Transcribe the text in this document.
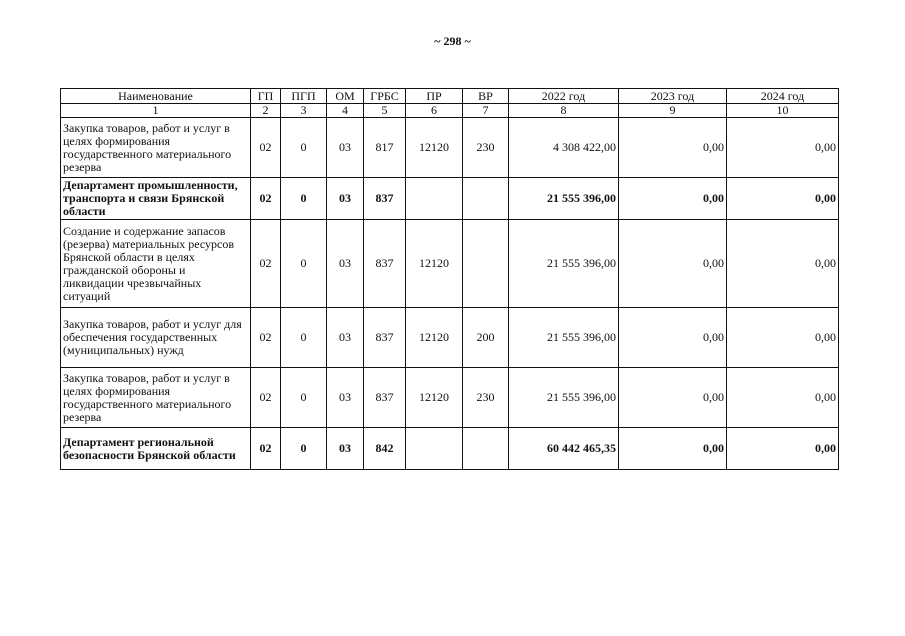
~ 298 ~
Наименование	ГП	ПГП	ОМ	ГРБС	ПР	ВР	2022 год	2023 год	2024 год
1	2	3	4	5	6	7	8	9	10
Закупка товаров, работ и услуг в целях формирования государственного материального резерва	02	0	03	817	12120	230	4 308 422,00	0,00	0,00
Департамент промышленности, транспорта и связи Брянской области	02	0	03	837			21 555 396,00	0,00	0,00
Создание и содержание запасов (резерва) материальных ресурсов Брянской области в целях гражданской обороны и ликвидации чрезвычайных ситуаций	02	0	03	837	12120		21 555 396,00	0,00	0,00
Закупка товаров, работ и услуг для обеспечения государственных (муниципальных) нужд	02	0	03	837	12120	200	21 555 396,00	0,00	0,00
Закупка товаров, работ и услуг в целях формирования государственного материального резерва	02	0	03	837	12120	230	21 555 396,00	0,00	0,00
Департамент региональной безопасности Брянской области	02	0	03	842			60 442 465,35	0,00	0,00
